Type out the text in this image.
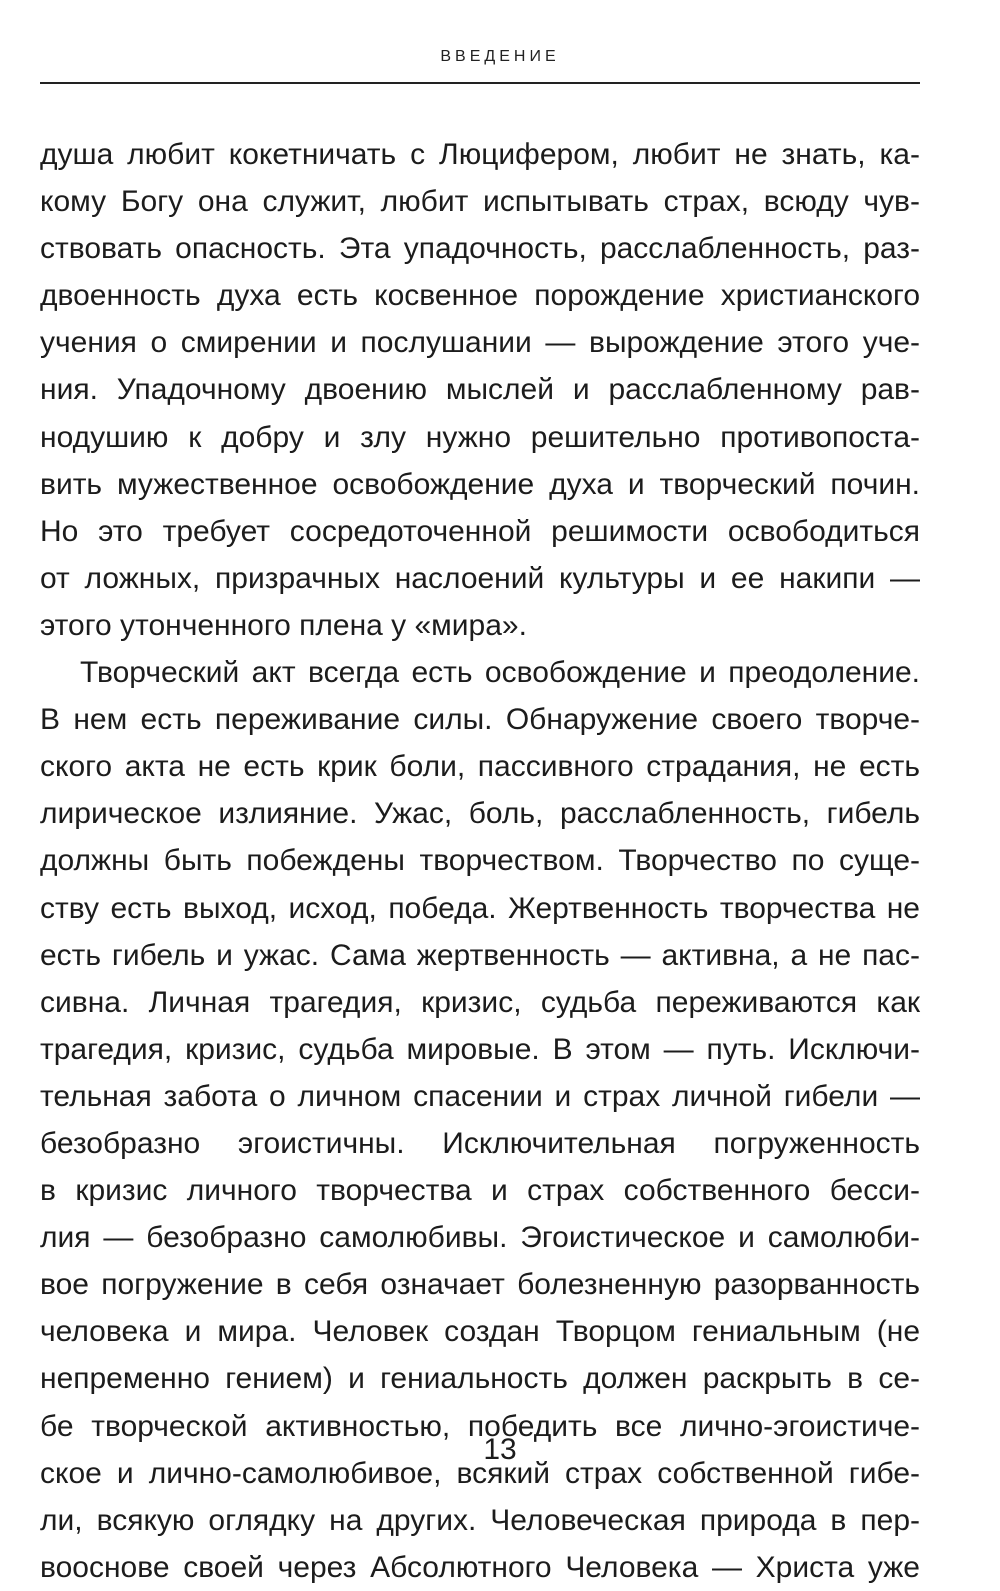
ВВЕДЕНИЕ

душа любит кокетничать с Люцифером, любит не знать, ка-
кому Богу она служит, любит испытывать страх, всюду чув-
ствовать опасность. Эта упадочность, расслабленность, раз-
двоенность духа есть косвенное порождение христианского
учения о смирении и послушании — вырождение этого уче-
ния. Упадочному двоению мыслей и расслабленному рав-
нодушию к добру и злу нужно решительно противопоста-
вить мужественное освобождение духа и творческий почин.
Но это требует сосредоточенной решимости освободиться
от ложных, призрачных наслоений культуры и ее накипи —
этого утонченного плена у «мира».

Творческий акт всегда есть освобождение и преодоление.
В нем есть переживание силы. Обнаружение своего творче-
ского акта не есть крик боли, пассивного страдания, не есть
лирическое излияние. Ужас, боль, расслабленность, гибель
должны быть побеждены творчеством. Творчество по суще-
ству есть выход, исход, победа. Жертвенность творчества не
есть гибель и ужас. Сама жертвенность — активна, а не пас-
сивна. Личная трагедия, кризис, судьба переживаются как
трагедия, кризис, судьба мировые. В этом — путь. Исключи-
тельная забота о личном спасении и страх личной гибели —
безобразно эгоистичны. Исключительная погруженность
в кризис личного творчества и страх собственного беcси-
лия — безобразно самолюбивы. Эгоистическое и самолюби-
вое погружение в себя означает болезненную разорванность
человека и мира. Человек создан Творцом гениальным (не
непременно гением) и гениальность должен раскрыть в се-
бе творческой активностью, победить все лично-эгоистиче-
ское и лично-самолюбивое, всякий страх собственной гибе-
ли, всякую оглядку на других. Человеческая природа в пер-
вооснове своей через Абсолютного Человека — Христа уже

13
